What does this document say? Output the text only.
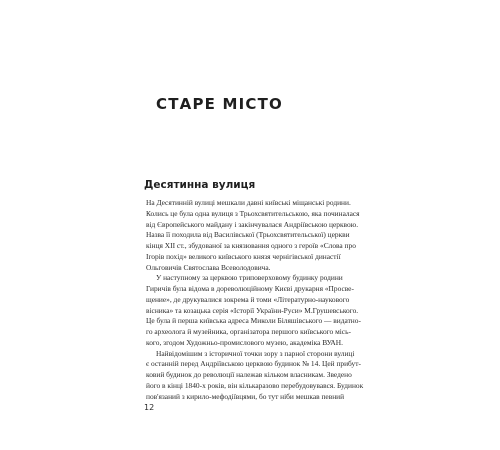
СТАРЕ МІСТО
Десятинна вулиця
На Десятинній вулиці мешкали давні київські міщанські родини.
Колись це була одна вулиця з Трьохсвятительською, яка починалася
від Європейського майдану і закінчувалася Андріївською церквою.
Назва її походила від Василівської (Трьохсвятительської) церкви
кінця XII ст., збудованої за князювання одного з героїв «Слова про
Ігорів похід» великого київського князя чернігівської династії
Ольговичів Святослава Всеволодовича.
У наступному за церквою триповерховому будинку родини
Гиричів була відома в дореволюційному Києві друкарня «Просве-
щение», де друкувалися зокрема й томи «Літературно-наукового
вісника» та козацька серія «Історії України-Руси» М.Грушевського.
Це була й перша київська адреса Миколи Біляшівського — видатно-
го археолога й музейника, організатора першого київського місь-
кого, згодом Художньо-промислового музею, академіка ВУАН.
Найвідомішим з історичної точки зору з парної сторони вулиці
є останній перед Андріївською церквою будинок № 14. Цей прибут-
ковий будинок до революції належав кільком власникам. Зведено
його в кінці 1840-х років, він кількаразово перебудовувався. Будинок
пов'язаний з кирило-мефодіївцями, бо тут ніби мешкав певний
12
